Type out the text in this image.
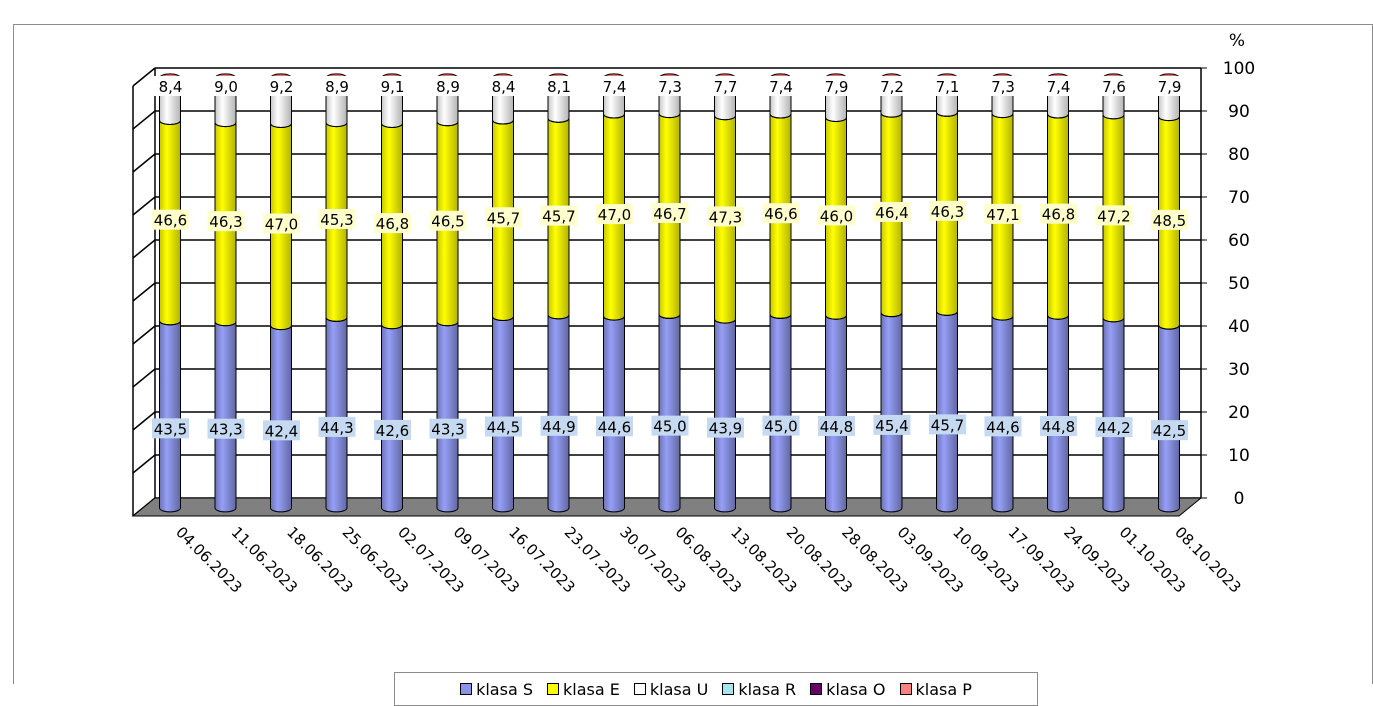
0
10
20
30
40
50
60
70
80
90
100
%
43,5
46,6
8,4
04.06.2023
43,3
46,3
9,0
11.06.2023
42,4
47,0
9,2
18.06.2023
44,3
45,3
8,9
25.06.2023
42,6
46,8
9,1
02.07.2023
43,3
46,5
8,9
09.07.2023
44,5
45,7
8,4
16.07.2023
44,9
45,7
8,1
23.07.2023
44,6
47,0
7,4
30.07.2023
45,0
46,7
7,3
06.08.2023
43,9
47,3
7,7
13.08.2023
45,0
46,6
7,4
20.08.2023
44,8
46,0
7,9
28.08.2023
45,4
46,4
7,2
03.09.2023
45,7
46,3
7,1
10.09.2023
44,6
47,1
7,3
17.09.2023
44,8
46,8
7,4
24.09.2023
44,2
47,2
7,6
01.10.2023
42,5
48,5
7,9
08.10.2023
klasa S klasa E klasa U klasa R klasa O klasa P
